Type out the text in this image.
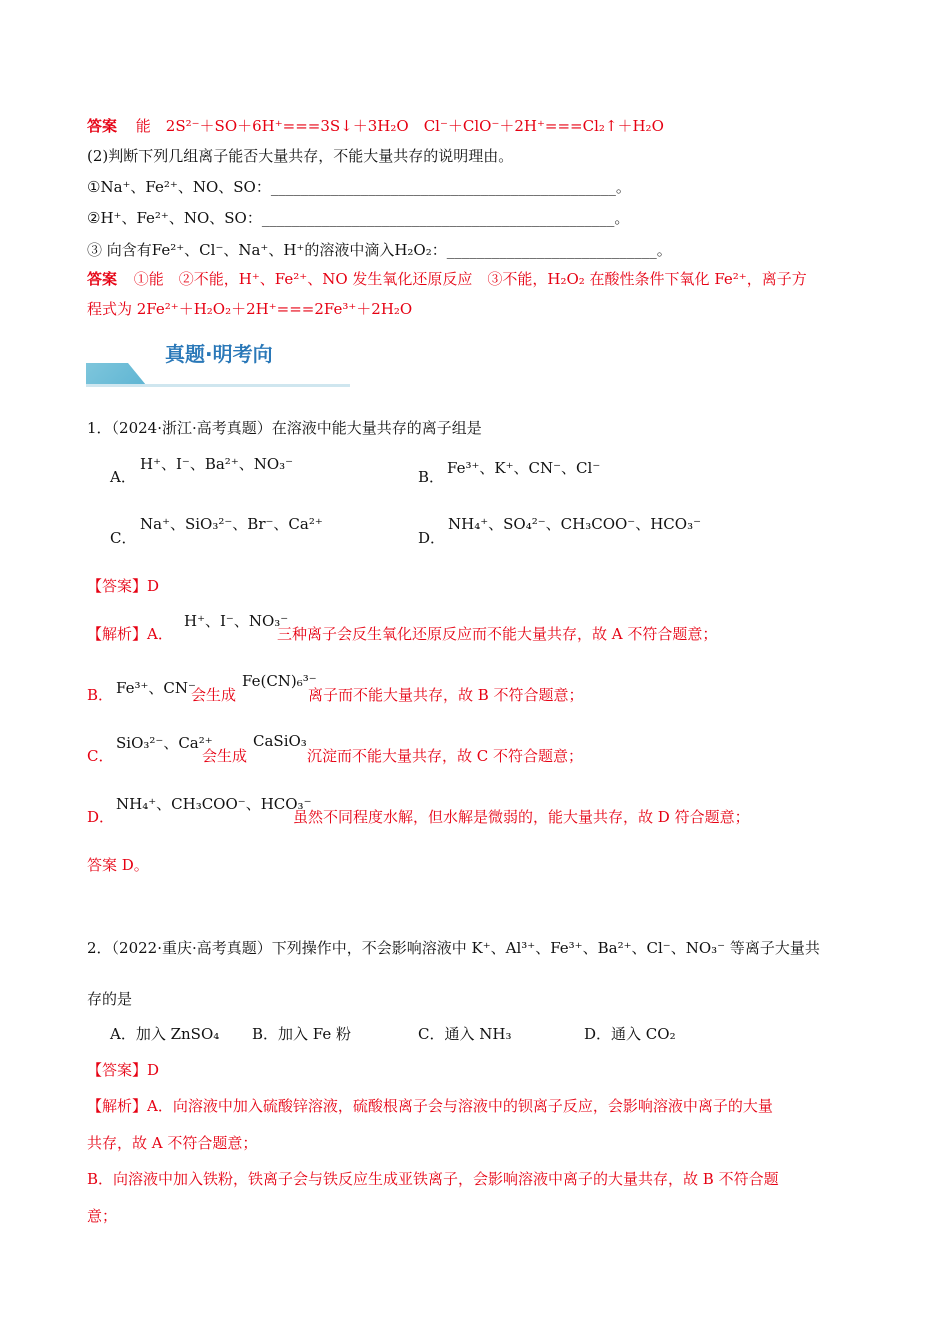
答案 能　2S²⁻＋SO＋6H⁺===3S↓＋3H₂O　Cl⁻＋ClO⁻＋2H⁺===Cl₂↑＋H₂O
(2)判断下列几组离子能否大量共存，不能大量共存的说明理由。
①Na⁺、Fe²⁺、NO、SO：______________________________________________。
②H⁺、Fe²⁺、NO、SO：_______________________________________________。
③ 向含有Fe²⁺、Cl⁻、Na⁺、H⁺的溶液中滴入H₂O₂：____________________________。
答案 ①能　②不能，H⁺、Fe²⁺、NO 发生氧化还原反应　③不能，H₂O₂ 在酸性条件下氧化 Fe²⁺，离子方
程式为 2Fe²⁺＋H₂O₂＋2H⁺===2Fe³⁺＋2H₂O
真题·明考向
1．（2024·浙江·高考真题）在溶液中能大量共存的离子组是
A．
H⁺、I⁻、Ba²⁺、NO₃⁻
B． Fe³⁺、K⁺、CN⁻、Cl⁻
C．
Na⁺、SiO₃²⁻、Br⁻、Ca²⁺
D．
NH₄⁺、SO₄²⁻、CH₃COO⁻、HCO₃⁻
【答案】D
【解析】A．
H⁺、I⁻、NO₃⁻
三种离子会反生氧化还原反应而不能大量共存，故 A 不符合题意；
B． Fe³⁺、CN⁻
会生成
Fe(CN)₆³⁻
离子而不能大量共存，故 B 不符合题意；
C．
SiO₃²⁻、Ca²⁺
会生成
CaSiO₃
沉淀而不能大量共存，故 C 不符合题意；
D．
NH₄⁺、CH₃COO⁻、HCO₃⁻
虽然不同程度水解，但水解是微弱的，能大量共存，故 D 符合题意；
答案 D。
2．（2022·重庆·高考真题）下列操作中，不会影响溶液中 K⁺、Al³⁺、Fe³⁺、Ba²⁺、Cl⁻、NO₃⁻ 等离子大量共
存的是
A．加入 ZnSO₄ B．加入 Fe 粉	C．通入 NH₃	D．通入 CO₂
【答案】D
【解析】A．向溶液中加入硫酸锌溶液，硫酸根离子会与溶液中的钡离子反应，会影响溶液中离子的大量
共存，故 A 不符合题意；
B．向溶液中加入铁粉，铁离子会与铁反应生成亚铁离子，会影响溶液中离子的大量共存，故 B 不符合题
意；
